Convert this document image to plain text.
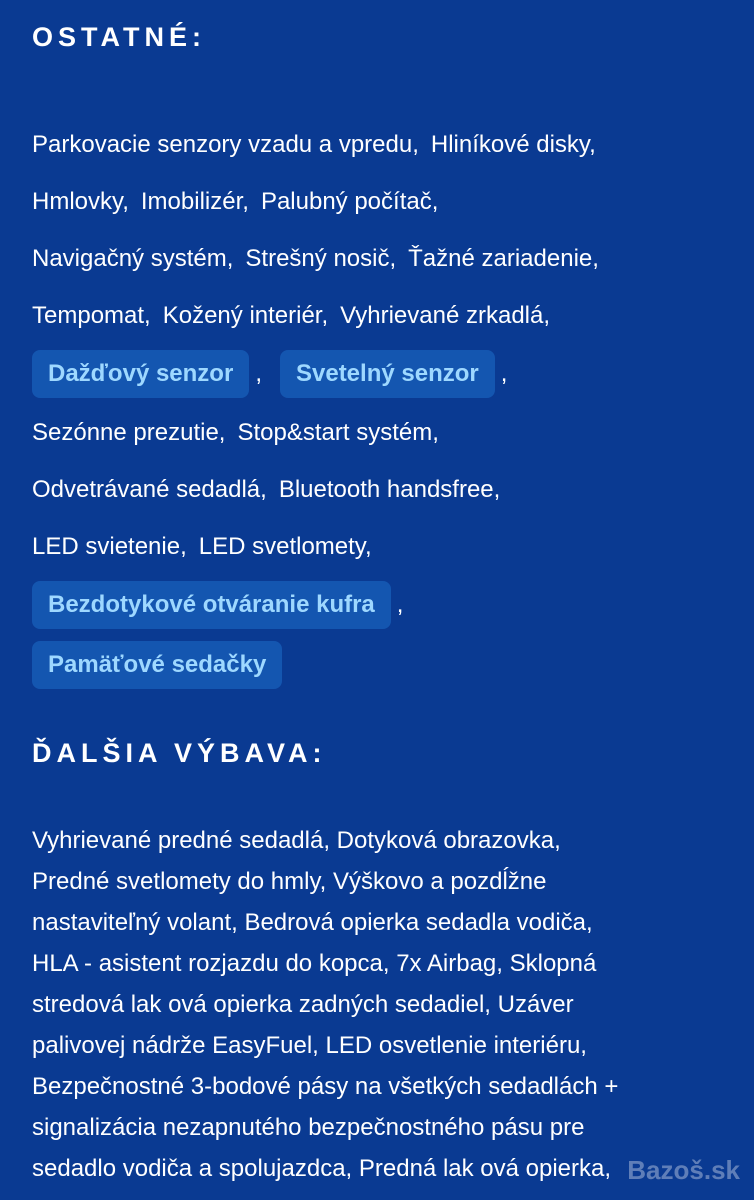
OSTATNÉ:
Parkovacie senzory vzadu a vpredu, Hliníkové disky,
Hmlovky, Imobilizér, Palubný počítač,
Navigačný systém, Strešný nosič, Ťažné zariadenie,
Tempomat, Kožený interiér, Vyhrievané zrkadlá,
Dažďový senzor ,	Svetelný senzor ,
Sezónne prezutie, Stop&start systém,
Odvetrávané sedadlá, Bluetooth handsfree,
LED svietenie, LED svetlomety,
Bezdotykové otváranie kufra ,
Pamäťové sedačky
ĎALŠIA VÝBAVA:
Vyhrievané predné sedadlá, Dotyková obrazovka,
Predné svetlomety do hmly, Výškovo a pozdĺžne
nastaviteľný volant, Bedrová opierka sedadla vodiča,
HLA - asistent rozjazdu do kopca, 7x Airbag, Sklopná
stredová lak ová opierka zadných sedadiel, Uzáver
palivovej nádrže EasyFuel, LED osvetlenie interiéru,
Bezpečnostné 3-bodové pásy na všetkých sedadlách +
signalizácia nezapnutého bezpečnostného pásu pre
sedadlo vodiča a spolujazdca, Predná lak ová opierka, Bazoš.sk
